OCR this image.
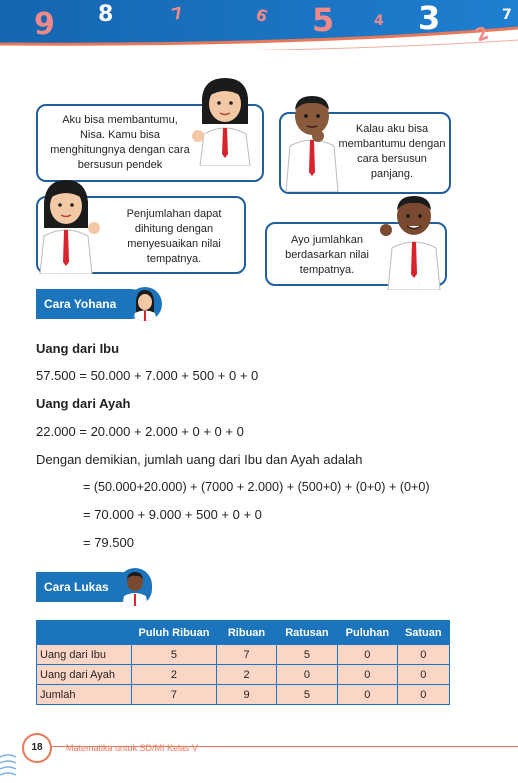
9 8	7	6 5	4 3 2
7
Aku bisa membantumu, Nisa. Kamu bisa menghitungnya dengan cara bersusun pendek
Kalau aku bisa membantumu dengan cara bersusun panjang.
Penjumlahan dapat dihitung dengan menyesuaikan nilai tempatnya.
Ayo jumlahkan berdasarkan nilai tempatnya.
Cara Yohana
Uang dari Ibu
57.500 = 50.000 + 7.000 + 500 + 0 + 0
Uang dari Ayah
22.000 = 20.000 + 2.000 + 0 + 0 + 0
Dengan demikian, jumlah uang dari Ibu dan Ayah adalah
= (50.000+20.000) + (7000 + 2.000) + (500+0) + (0+0) + (0+0)
= 70.000 + 9.000 + 500 + 0 + 0
= 79.500
Cara Lukas
	Puluh Ribuan	Ribuan	Ratusan	Puluhan	Satuan
Uang dari Ibu	5	7	5	0	0
Uang dari Ayah	2	2	0	0	0
Jumlah	7	9	5	0	0
18	Matematika untuk SD/MI Kelas V
